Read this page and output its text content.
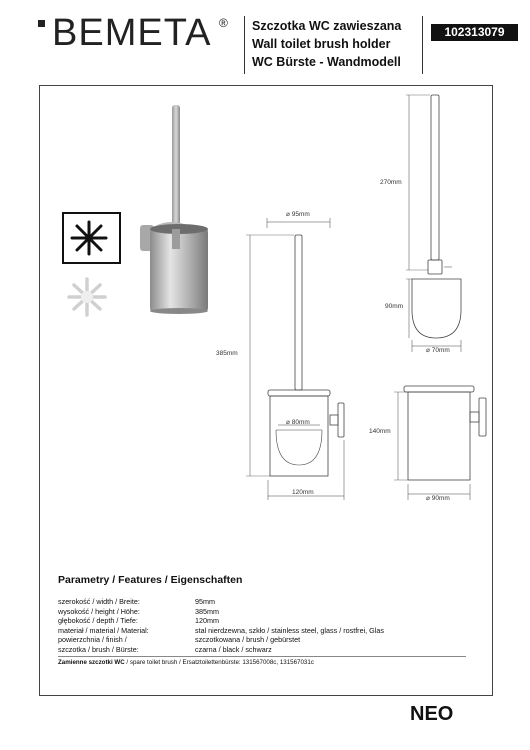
BEMETA ® Szczotka WC zawieszana
Wall toilet brush holder
WC Bürste - Wandmodell
102313079
⌀ 95mm
⌀ 80mm
385mm
120mm
270mm
90mm
⌀ 70mm
140mm
⌀ 90mm
Parametry / Features / Eigenschaften
szerokość / width / Breite:	95mm
wysokość / height / Höhe:	385mm
głębokość / depth / Tiefe:	120mm
materiał / material / Material:	stal nierdzewna, szkło / stainless steel, glass / rostfrei, Glas
powierzchnia / finish /	szczotkowana / brush / gebürstet
szczotka / brush / Bürste:	czarna / black / schwarz
Zamienne szczotki WC / spare toilet brush / Ersatztoilettenbürste: 131567008c, 131567031c
NEO
